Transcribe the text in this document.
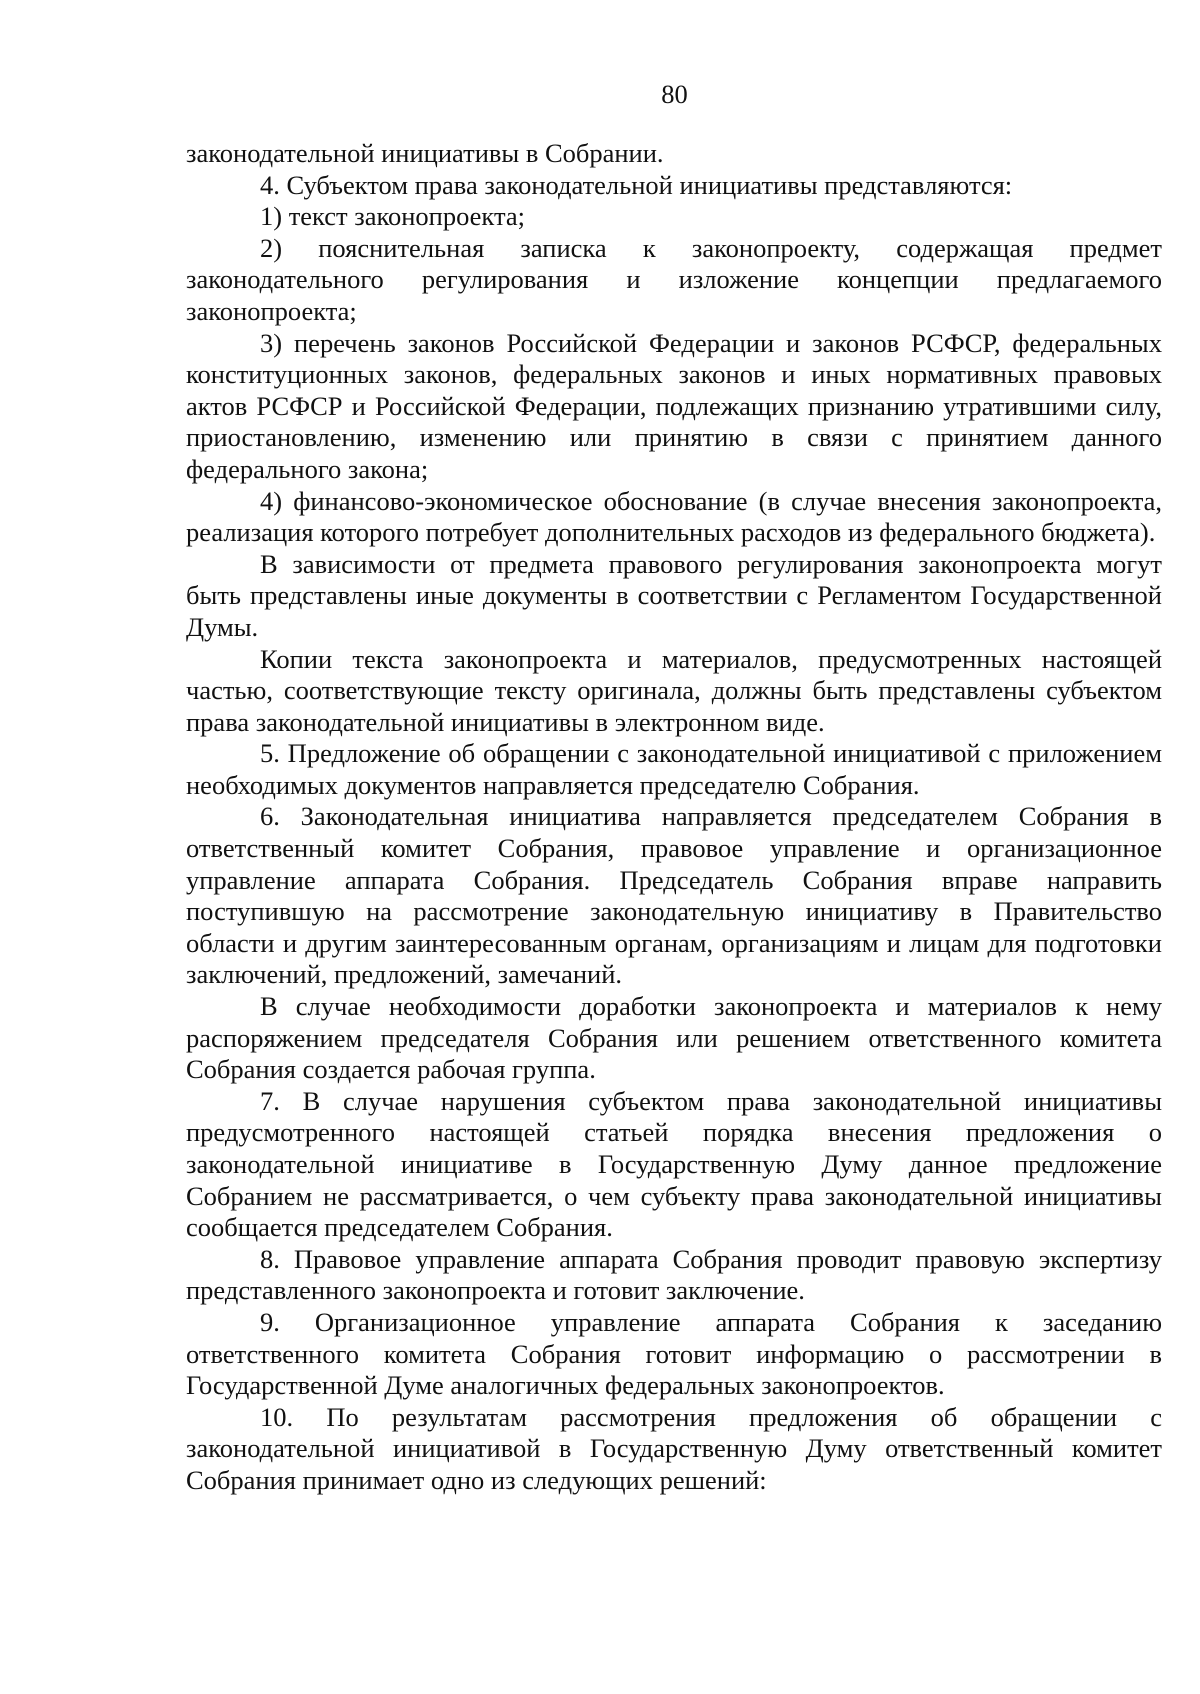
80

законодательной инициативы в Собрании.

4. Субъектом права законодательной инициативы представляются:

1) текст законопроекта;

2) пояснительная записка к законопроекту, содержащая предмет законодательного регулирования и изложение концепции предлагаемого законопроекта;

3) перечень законов Российской Федерации и законов РСФСР, федеральных конституционных законов, федеральных законов и иных нормативных правовых актов РСФСР и Российской Федерации, подлежащих признанию утратившими силу, приостановлению, изменению или принятию в связи с принятием данного федерального закона;

4) финансово-экономическое обоснование (в случае внесения законопроекта, реализация которого потребует дополнительных расходов из федерального бюджета).

В зависимости от предмета правового регулирования законопроекта могут быть представлены иные документы в соответствии с Регламентом Государственной Думы.

Копии текста законопроекта и материалов, предусмотренных настоящей частью, соответствующие тексту оригинала, должны быть представлены субъектом права законодательной инициативы в электронном виде.

5. Предложение об обращении с законодательной инициативой с приложением необходимых документов направляется председателю Собрания.

6. Законодательная инициатива направляется председателем Собрания в ответственный комитет Собрания, правовое управление и организационное управление аппарата Собрания. Председатель Собрания вправе направить поступившую на рассмотрение законодательную инициативу в Правительство области и другим заинтересованным органам, организациям и лицам для подготовки заключений, предложений, замечаний.

В случае необходимости доработки законопроекта и материалов к нему распоряжением председателя Собрания или решением ответственного комитета Собрания создается рабочая группа.

7. В случае нарушения субъектом права законодательной инициативы предусмотренного настоящей статьей порядка внесения предложения о законодательной инициативе в Государственную Думу данное предложение Собранием не рассматривается, о чем субъекту права законодательной инициативы сообщается председателем Собрания.

8. Правовое управление аппарата Собрания проводит правовую экспертизу представленного законопроекта и готовит заключение.

9. Организационное управление аппарата Собрания к заседанию ответственного комитета Собрания готовит информацию о рассмотрении в Государственной Думе аналогичных федеральных законопроектов.

10. По результатам рассмотрения предложения об обращении с законодательной инициативой в Государственную Думу ответственный комитет Собрания принимает одно из следующих решений:
